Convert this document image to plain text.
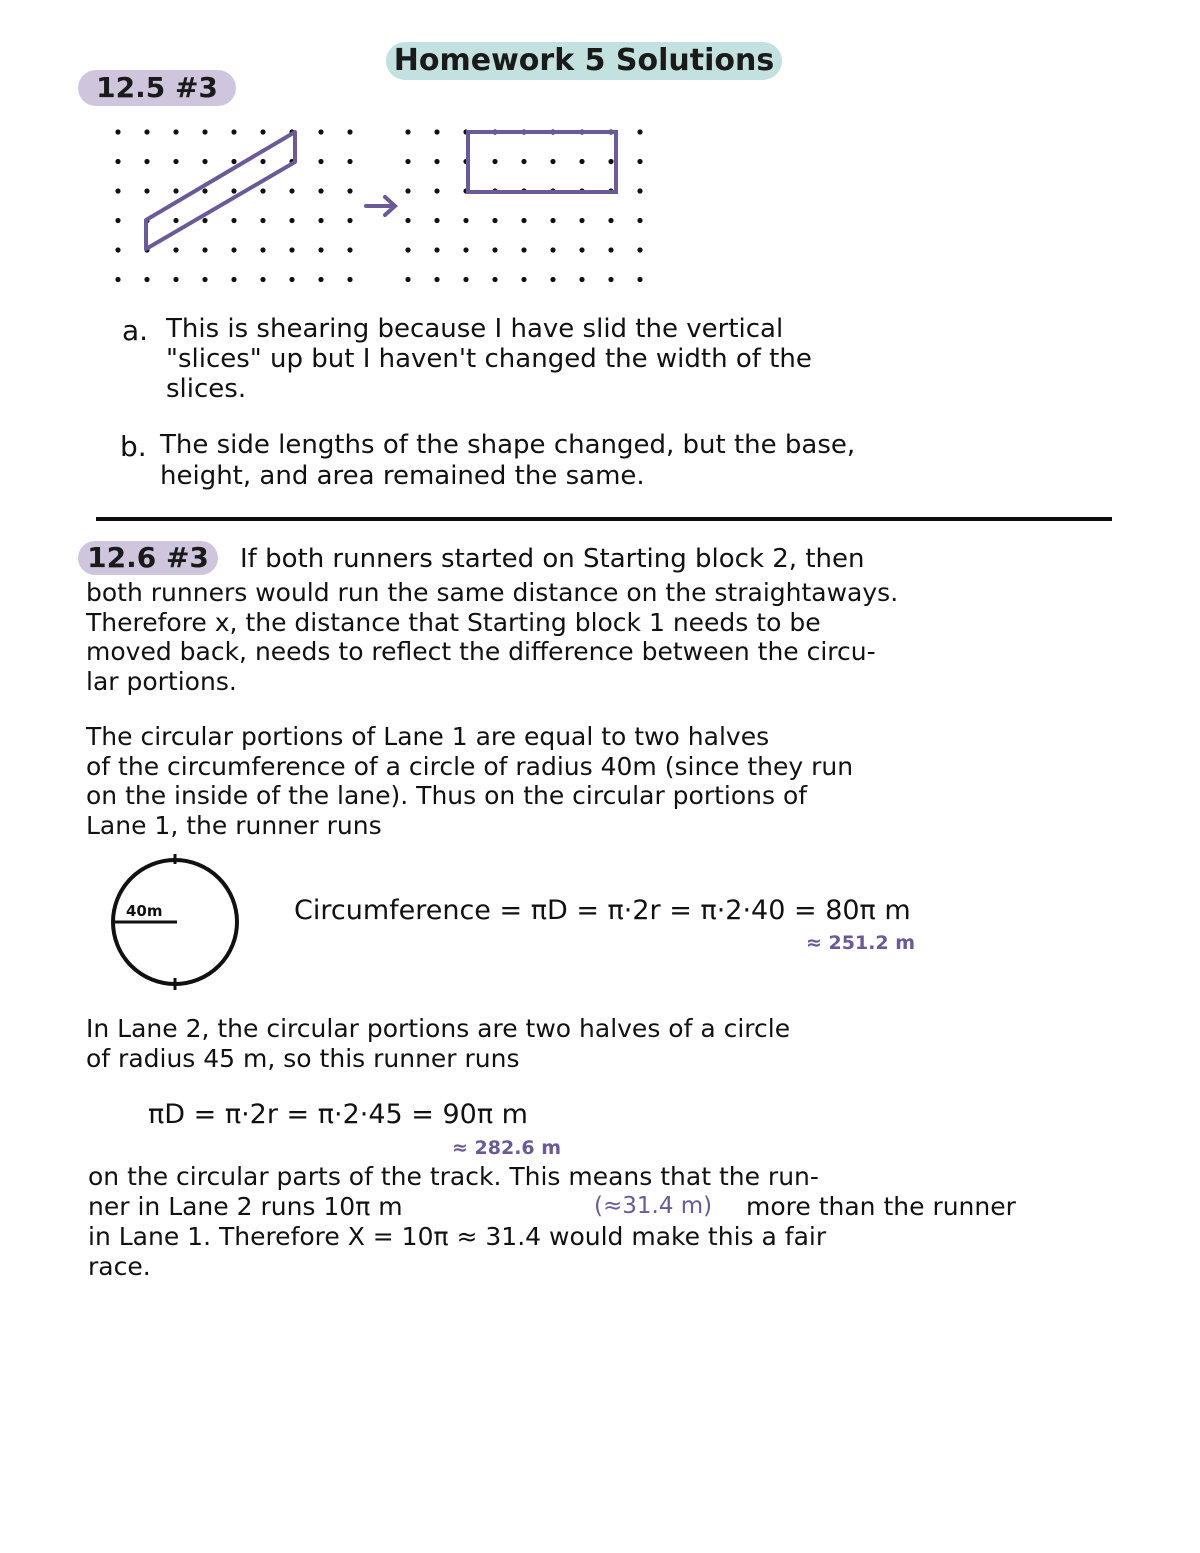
Homework 5 Solutions
12.5 #3
a. This is shearing because I have slid the vertical
"slices" up but I haven't changed the width of the
slices.
b. The side lengths of the shape changed, but the base,
height, and area remained the same.
12.6 #3	If both runners started on Starting block 2, then
both runners would run the same distance on the straightaways.
Therefore x, the distance that Starting block 1 needs to be
moved back, needs to reflect the difference between the circu-
lar portions.
The circular portions of Lane 1 are equal to two halves
of the circumference of a circle of radius 40m (since they run
on the inside of the lane). Thus on the circular portions of
Lane 1, the runner runs
40m	Circumference = πD = π·2r = π·2·40 = 80π m
≈ 251.2 m
In Lane 2, the circular portions are two halves of a circle
of radius 45 m, so this runner runs
πD = π·2r = π·2·45 = 90π m
≈ 282.6 m
on the circular parts of the track. This means that the run-
ner in Lane 2 runs 10π m	(≈31.4 m) more than the runner
in Lane 1. Therefore X = 10π ≈ 31.4 would make this a fair
race.
